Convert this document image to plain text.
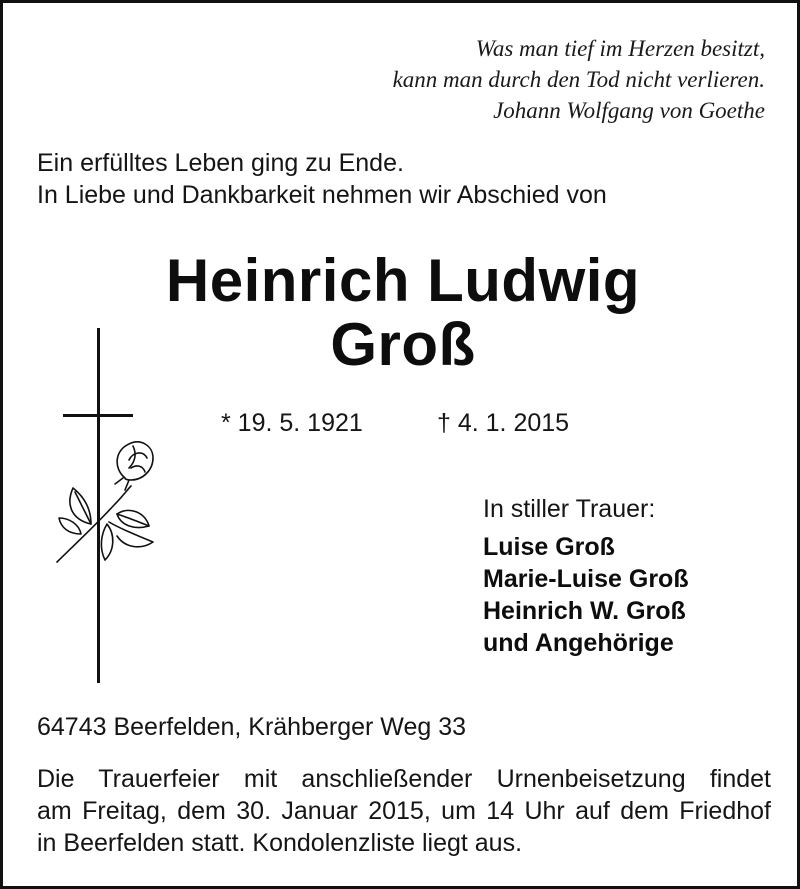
Was man tief im Herzen besitzt,
kann man durch den Tod nicht verlieren.
Johann Wolfgang von Goethe
Ein erfülltes Leben ging zu Ende.
In Liebe und Dankbarkeit nehmen wir Abschied von
Heinrich Ludwig
Groß
* 19. 5. 1921	† 4. 1. 2015
In stiller Trauer:
Luise Groß
Marie-Luise Groß
Heinrich W. Groß
und Angehörige
64743 Beerfelden, Krähberger Weg 33
Die Trauerfeier mit anschließender Urnenbeisetzung findet
am Freitag, dem 30. Januar 2015, um 14 Uhr auf dem Friedhof
in Beerfelden statt. Kondolenzliste liegt aus.
